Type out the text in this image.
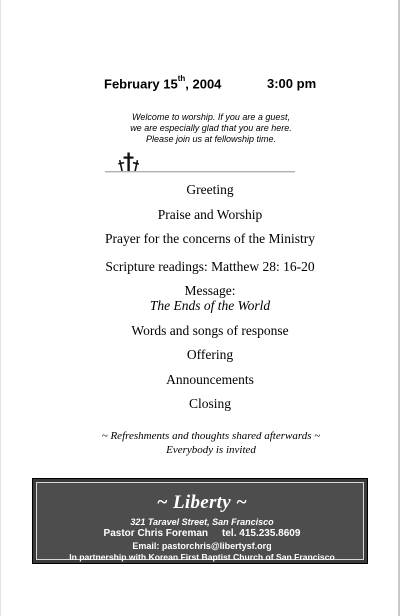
February 15th, 2004	3:00 pm
Welcome to worship. If you are a guest,
we are especially glad that you are here.
Please join us at fellowship time.
Greeting
Praise and Worship
Prayer for the concerns of the Ministry
Scripture readings: Matthew 28: 16-20
Message:
The Ends of the World
Words and songs of response
Offering
Announcements
Closing
~ Refreshments and thoughts shared afterwards ~
Everybody is invited
~ Liberty ~
321 Taravel Street, San Francisco
Pastor Chris Foreman tel. 415.235.8609
Email: pastorchris@libertysf.org
In partnership with Korean First Baptist Church of San Francisco
